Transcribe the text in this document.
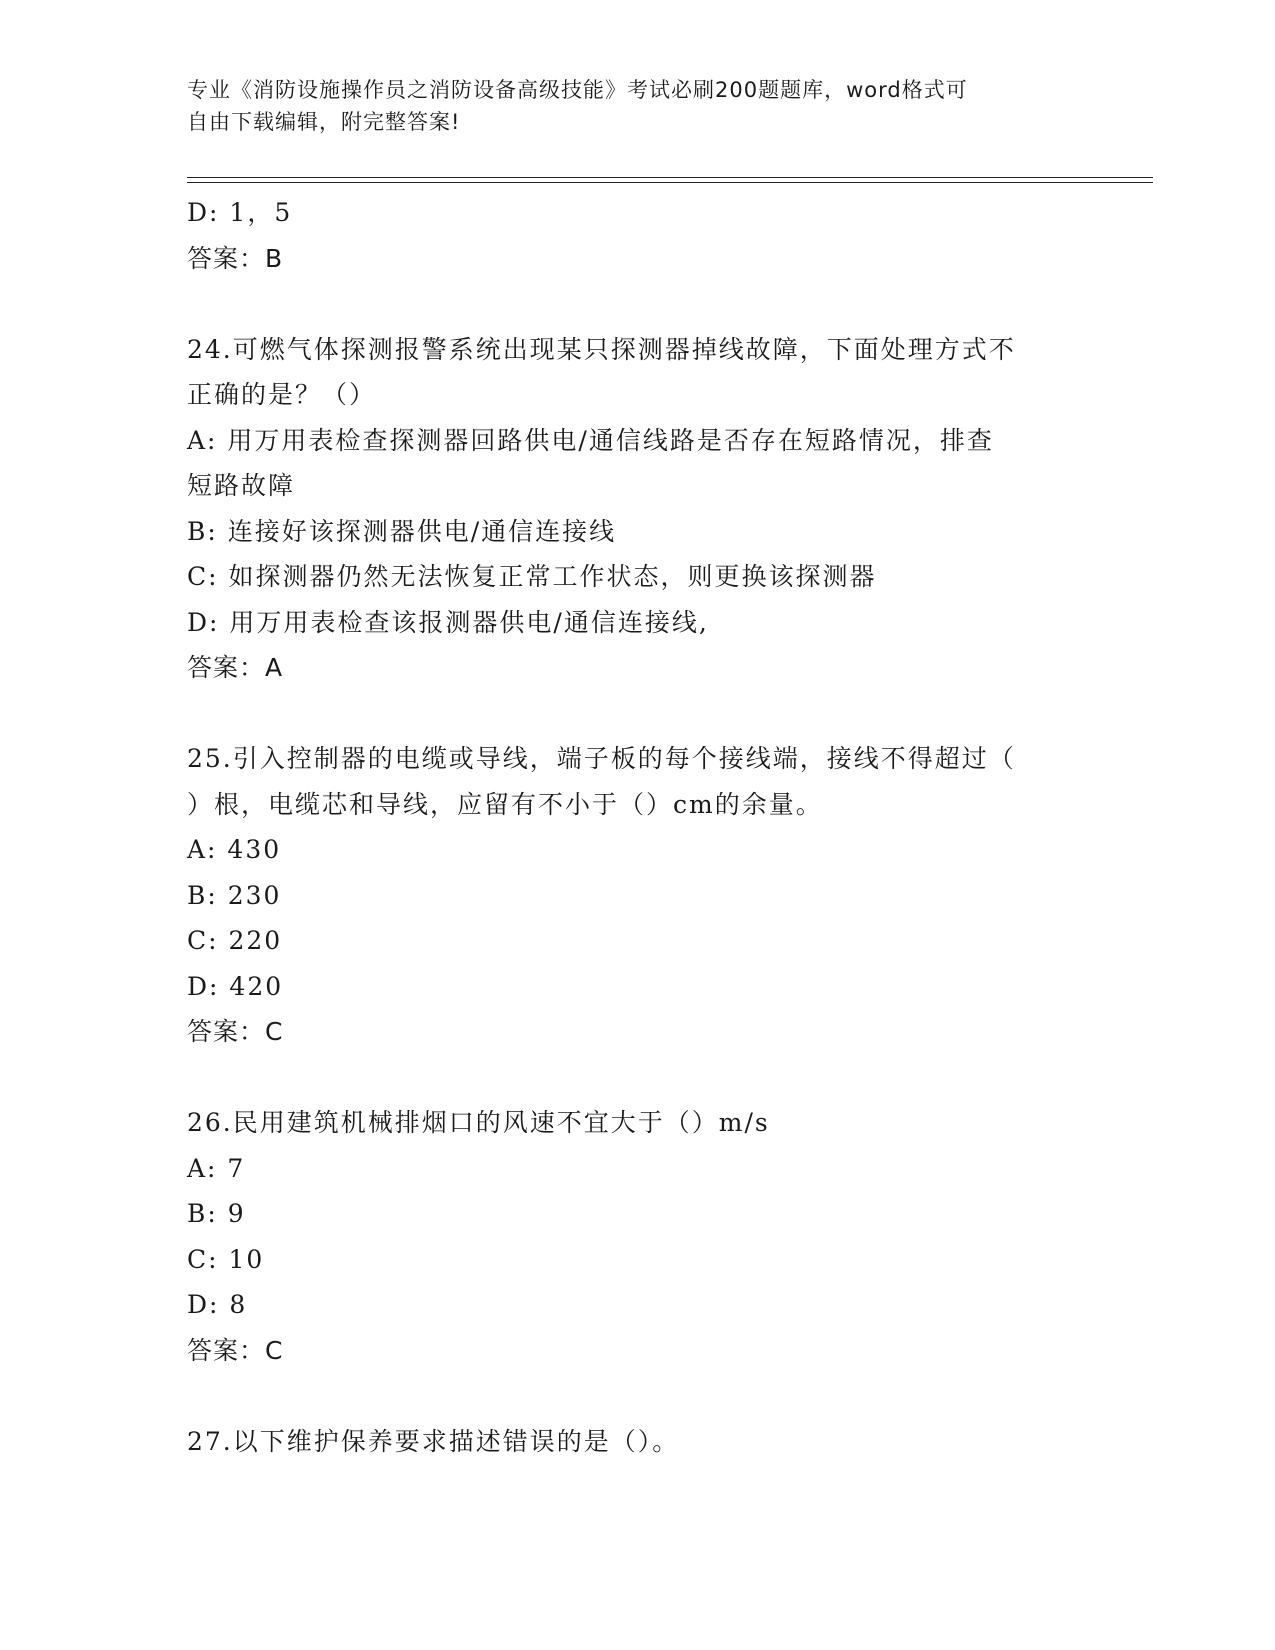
专业《消防设施操作员之消防设备高级技能》考试必刷200题题库，word格式可
自由下载编辑，附完整答案!
D: 1，5
答案：B
24.可燃气体探测报警系统出现某只探测器掉线故障，下面处理方式不
正确的是？（）
A: 用万用表检查探测器回路供电/通信线路是否存在短路情况，排查
短路故障
B: 连接好该探测器供电/通信连接线
C: 如探测器仍然无法恢复正常工作状态，则更换该探测器
D: 用万用表检查该报测器供电/通信连接线,
答案：A
25.引入控制器的电缆或导线，端子板的每个接线端，接线不得超过（
）根，电缆芯和导线，应留有不小于（）cm的余量。
A: 430
B: 230
C: 220
D: 420
答案：C
26.民用建筑机械排烟口的风速不宜大于（）m/s
A: 7
B: 9
C: 10
D: 8
答案：C
27.以下维护保养要求描述错误的是（）。
